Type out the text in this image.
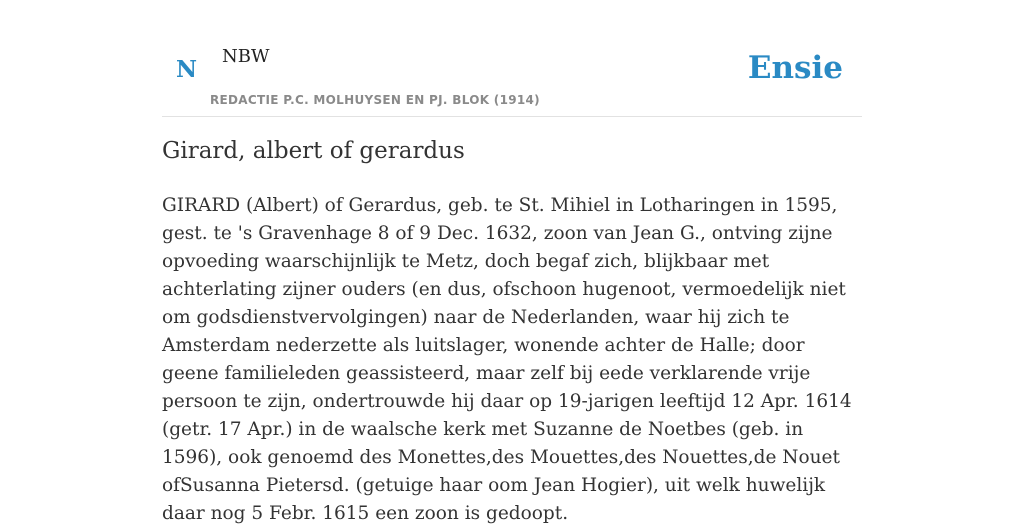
N NBW
REDACTIE P.C. MOLHUYSEN EN PJ. BLOK (1914)
Ensie
Girard, albert of gerardus

GIRARD (Albert) of Gerardus, geb. te St. Mihiel in Lotharingen in 1595, gest. te 's Gravenhage 8 of 9 Dec. 1632, zoon van Jean G., ontving zijne opvoeding waarschijnlijk te Metz, doch begaf zich, blijkbaar met achterlating zijner ouders (en dus, ofschoon hugenoot, vermoedelijk niet om godsdienstvervolgingen) naar de Nederlanden, waar hij zich te Amsterdam nederzette als luitslager, wonende achter de Halle; door geene familieleden geassisteerd, maar zelf bij eede verklarende vrije persoon te zijn, ondertrouwde hij daar op 19-jarigen leeftijd 12 Apr. 1614 (getr. 17 Apr.) in de waalsche kerk met Suzanne de Noetbes (geb. in 1596), ook genoemd des Monettes,des Mouettes,des Nouettes,de Nouet ofSusanna Pietersd. (getuige haar oom Jean Hogier), uit welk huwelijk daar nog 5 Febr. 1615 een zoon is gedoopt.
